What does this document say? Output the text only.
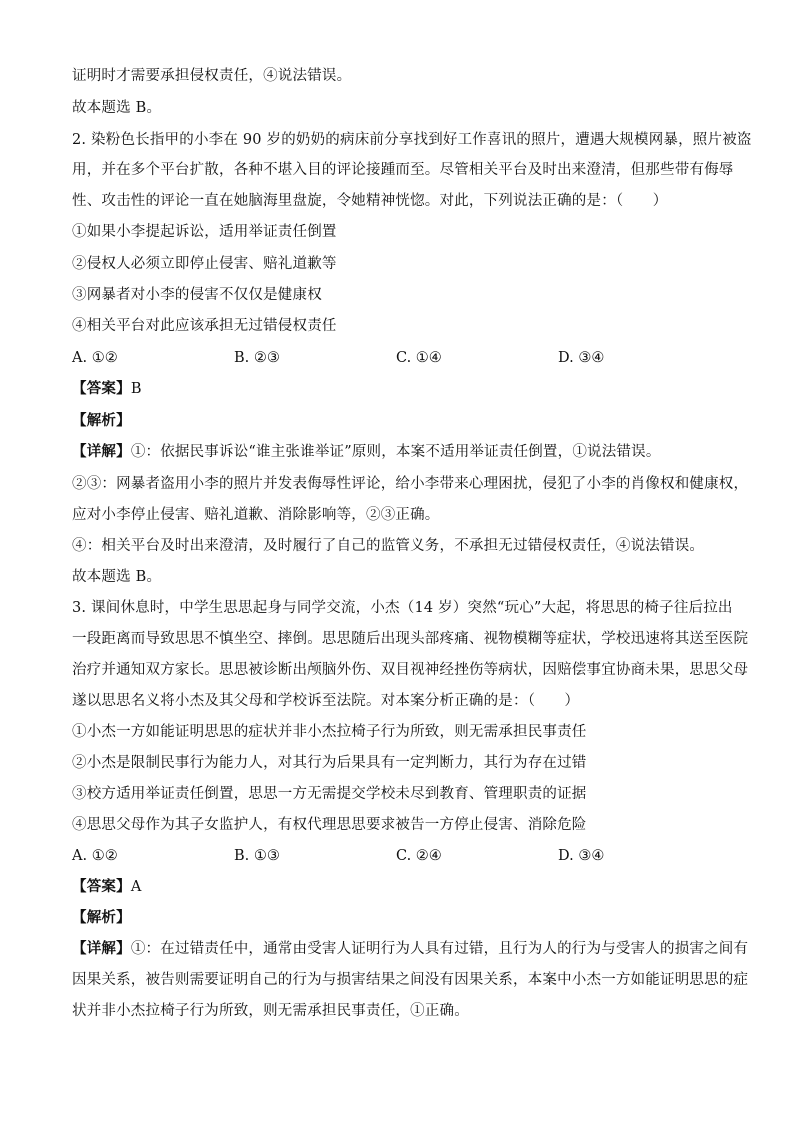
证明时才需要承担侵权责任，④说法错误。
故本题选 B。
2. 染粉色长指甲的小李在 90 岁的奶奶的病床前分享找到好工作喜讯的照片，遭遇大规模网暴，照片被盗
用，并在多个平台扩散，各种不堪入目的评论接踵而至。尽管相关平台及时出来澄清，但那些带有侮辱
性、攻击性的评论一直在她脑海里盘旋，令她精神恍惚。对此，下列说法正确的是：（　　）
①如果小李提起诉讼，适用举证责任倒置
②侵权人必须立即停止侵害、赔礼道歉等
③网暴者对小李的侵害不仅仅是健康权
④相关平台对此应该承担无过错侵权责任
A. ①②	B. ②③	C. ①④	D. ③④
【答案】B
【解析】
【详解】①：依据民事诉讼“谁主张谁举证”原则，本案不适用举证责任倒置，①说法错误。
②③：网暴者盗用小李的照片并发表侮辱性评论，给小李带来心理困扰，侵犯了小李的肖像权和健康权，
应对小李停止侵害、赔礼道歉、消除影响等，②③正确。
④：相关平台及时出来澄清，及时履行了自己的监管义务，不承担无过错侵权责任，④说法错误。
故本题选 B。
3. 课间休息时，中学生思思起身与同学交流，小杰（14 岁）突然“玩心”大起，将思思的椅子往后拉出
一段距离而导致思思不慎坐空、摔倒。思思随后出现头部疼痛、视物模糊等症状，学校迅速将其送至医院
治疗并通知双方家长。思思被诊断出颅脑外伤、双目视神经挫伤等病状，因赔偿事宜协商未果，思思父母
遂以思思名义将小杰及其父母和学校诉至法院。对本案分析正确的是：（　　）
①小杰一方如能证明思思的症状并非小杰拉椅子行为所致，则无需承担民事责任
②小杰是限制民事行为能力人，对其行为后果具有一定判断力，其行为存在过错
③校方适用举证责任倒置，思思一方无需提交学校未尽到教育、管理职责的证据
④思思父母作为其子女监护人，有权代理思思要求被告一方停止侵害、消除危险
A. ①②	B. ①③	C. ②④	D. ③④
【答案】A
【解析】
【详解】①：在过错责任中，通常由受害人证明行为人具有过错，且行为人的行为与受害人的损害之间有
因果关系，被告则需要证明自己的行为与损害结果之间没有因果关系，本案中小杰一方如能证明思思的症
状并非小杰拉椅子行为所致，则无需承担民事责任，①正确。
